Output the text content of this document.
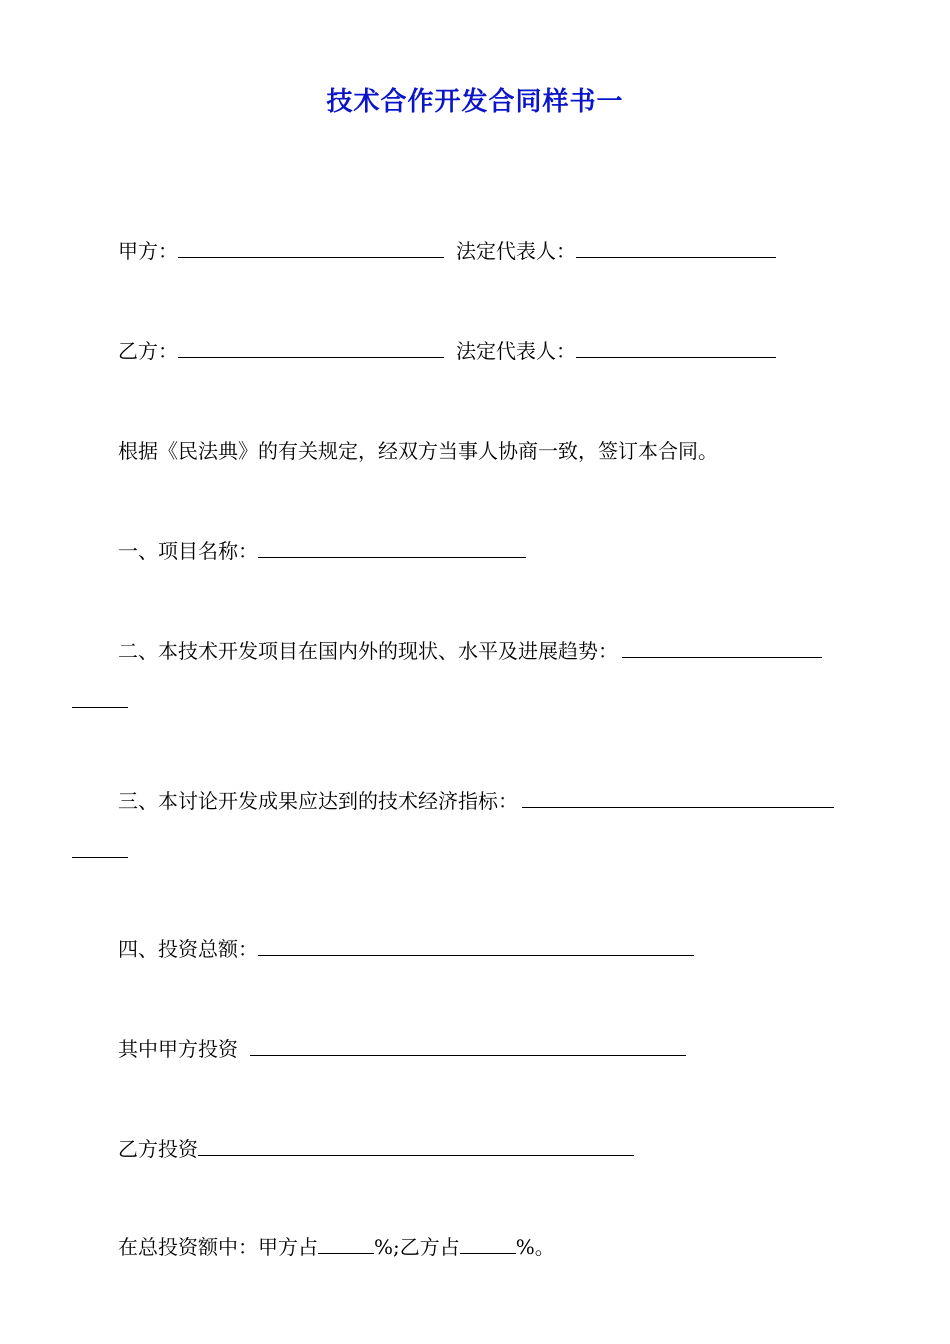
技术合作开发合同样书一
甲方：	法定代表人：
乙方：	法定代表人：
根据《民法典》的有关规定，经双方当事人协商一致，签订本合同。
一、项目名称：
二、本技术开发项目在国内外的现状、水平及进展趋势：
三、本讨论开发成果应达到的技术经济指标：
四、投资总额：
其中甲方投资
乙方投资
在总投资额中：甲方占	%;乙方占	%。
